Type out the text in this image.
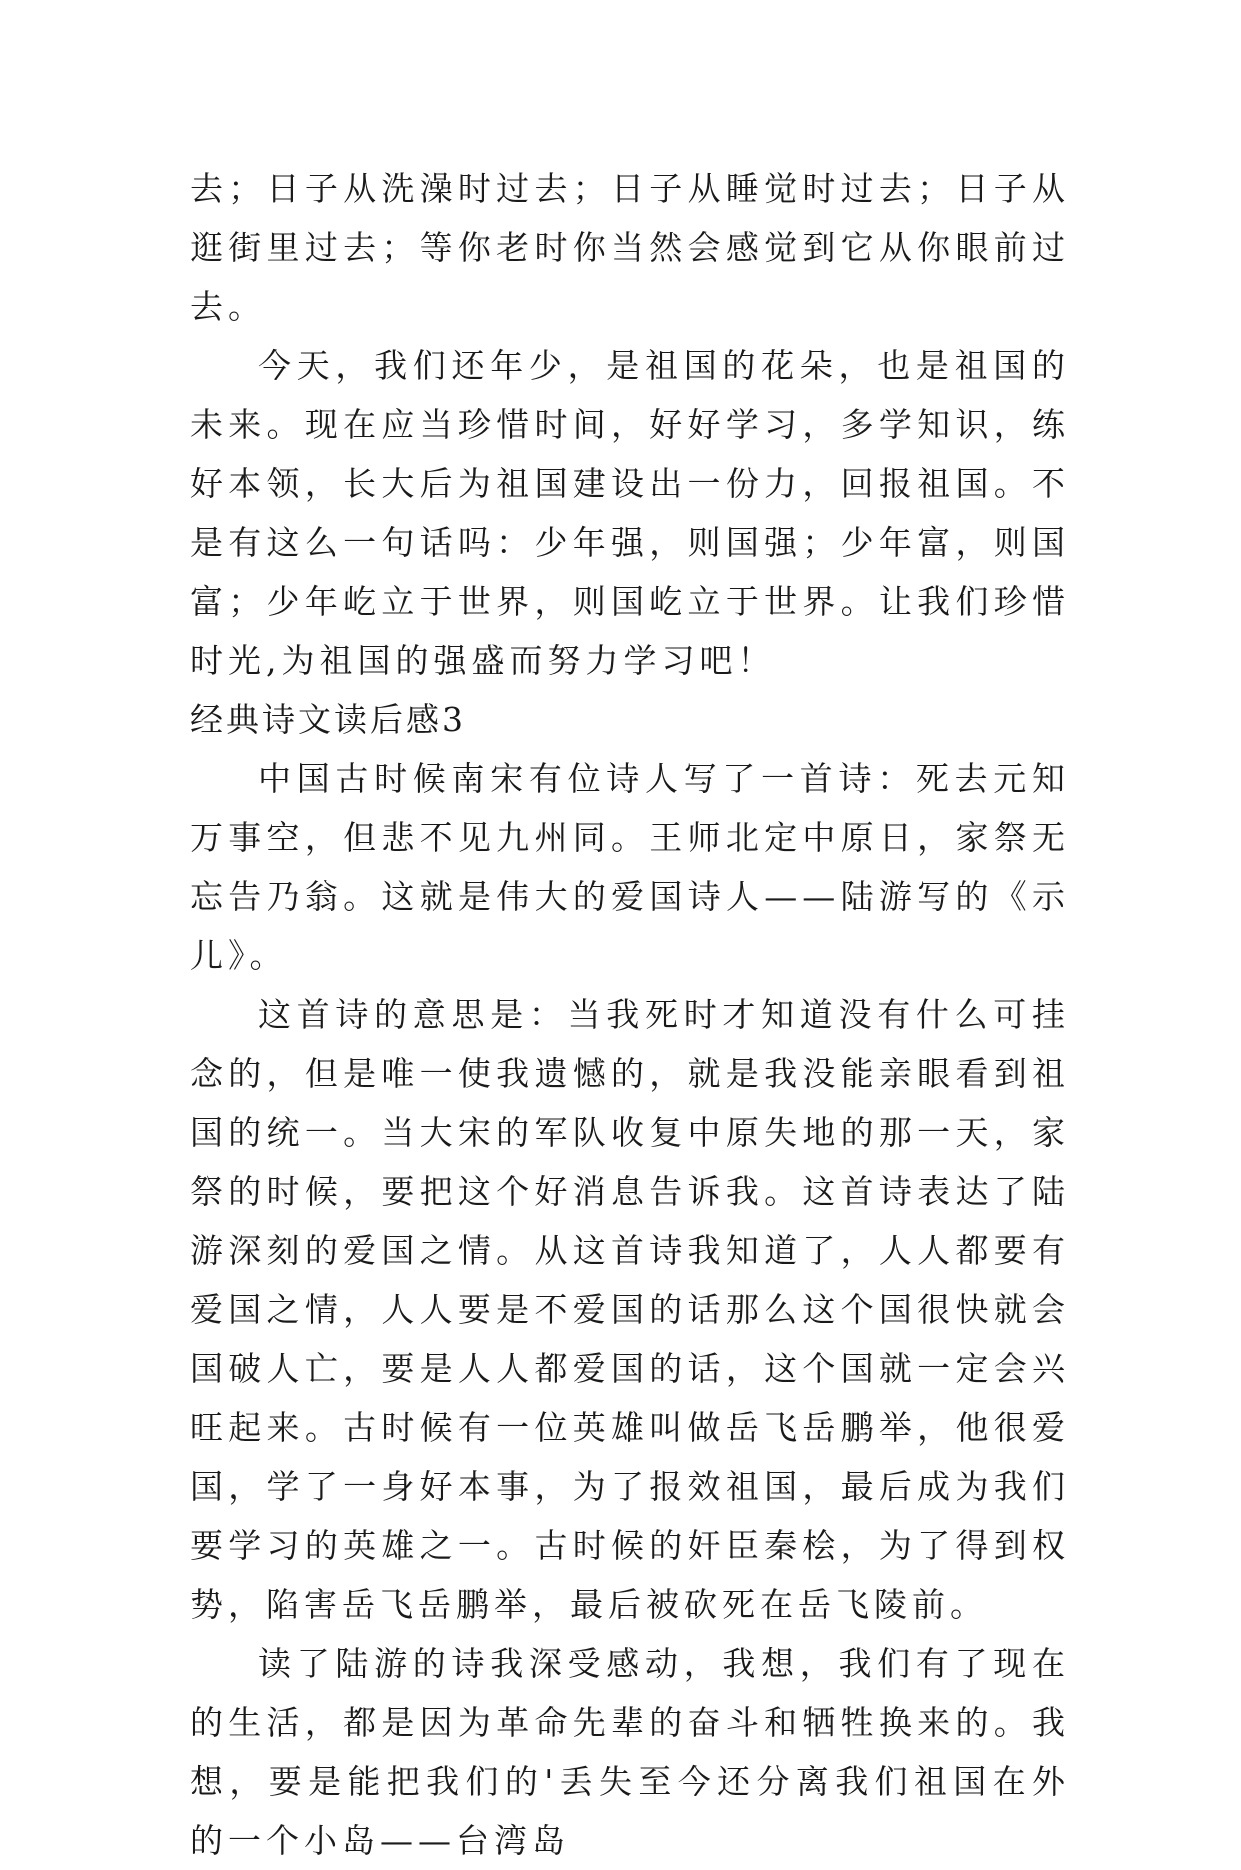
去；日子从洗澡时过去；日子从睡觉时过去；日子从逛街里过去；等你老时你当然会感觉到它从你眼前过去。

今天，我们还年少，是祖国的花朵，也是祖国的未来。现在应当珍惜时间，好好学习，多学知识，练好本领，长大后为祖国建设出一份力，回报祖国。不是有这么一句话吗：少年强，则国强；少年富，则国富；少年屹立于世界，则国屹立于世界。让我们珍惜时光,为祖国的强盛而努力学习吧！

经典诗文读后感3

中国古时候南宋有位诗人写了一首诗：死去元知万事空，但悲不见九州同。王师北定中原日，家祭无忘告乃翁。这就是伟大的爱国诗人——陆游写的《示儿》。

这首诗的意思是：当我死时才知道没有什么可挂念的，但是唯一使我遗憾的，就是我没能亲眼看到祖国的统一。当大宋的军队收复中原失地的那一天，家祭的时候，要把这个好消息告诉我。这首诗表达了陆游深刻的爱国之情。从这首诗我知道了，人人都要有爱国之情，人人要是不爱国的话那么这个国很快就会国破人亡，要是人人都爱国的话，这个国就一定会兴旺起来。古时候有一位英雄叫做岳飞岳鹏举，他很爱国，学了一身好本事，为了报效祖国，最后成为我们要学习的英雄之一。古时候的奸臣秦桧，为了得到权势，陷害岳飞岳鹏举，最后被砍死在岳飞陵前。

读了陆游的诗我深受感动，我想，我们有了现在的生活，都是因为革命先辈的奋斗和牺牲换来的。我想，要是能把我们的'丢失至今还分离我们祖国在外的一个小岛——台湾岛
